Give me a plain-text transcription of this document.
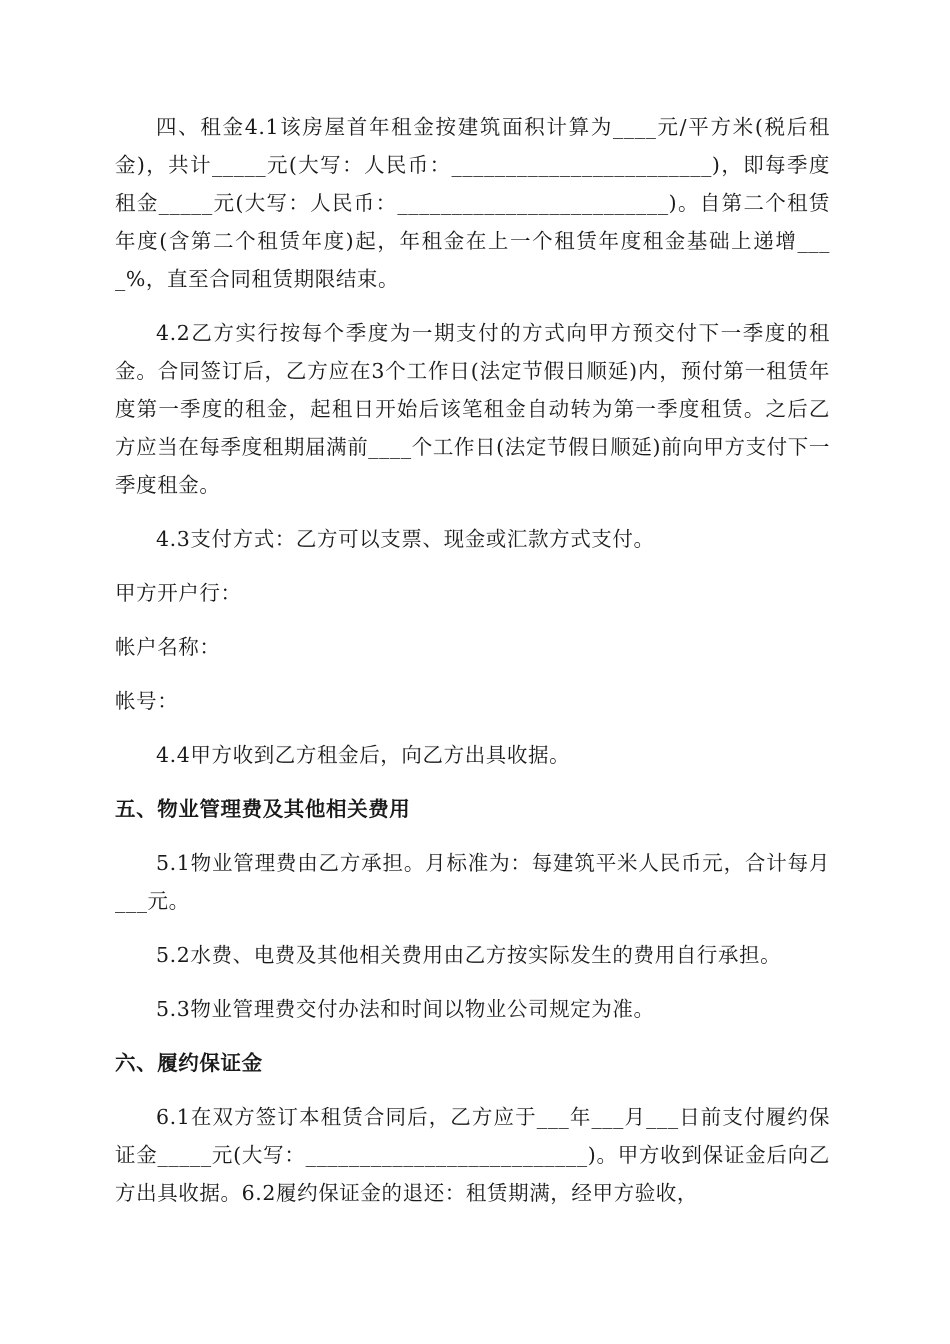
四、租金4.1该房屋首年租金按建筑面积计算为____元/平方米(税后租金)，共计_____元(大写：人民币：________________________)，即每季度租金_____元(大写：人民币：_________________________)。自第二个租赁年度(含第二个租赁年度)起，年租金在上一个租赁年度租金基础上递增____%，直至合同租赁期限结束。

4.2乙方实行按每个季度为一期支付的方式向甲方预交付下一季度的租金。合同签订后，乙方应在3个工作日(法定节假日顺延)内，预付第一租赁年度第一季度的租金，起租日开始后该笔租金自动转为第一季度租赁。之后乙方应当在每季度租期届满前____个工作日(法定节假日顺延)前向甲方支付下一季度租金。

4.3支付方式：乙方可以支票、现金或汇款方式支付。

甲方开户行：

帐户名称：

帐号：

4.4甲方收到乙方租金后，向乙方出具收据。

五、物业管理费及其他相关费用

5.1物业管理费由乙方承担。月标准为：每建筑平米人民币元，合计每月___元。

5.2水费、电费及其他相关费用由乙方按实际发生的费用自行承担。

5.3物业管理费交付办法和时间以物业公司规定为准。

六、履约保证金

6.1在双方签订本租赁合同后，乙方应于___年___月___日前支付履约保证金_____元(大写：__________________________)。甲方收到保证金后向乙方出具收据。6.2履约保证金的退还：租赁期满，经甲方验收，
